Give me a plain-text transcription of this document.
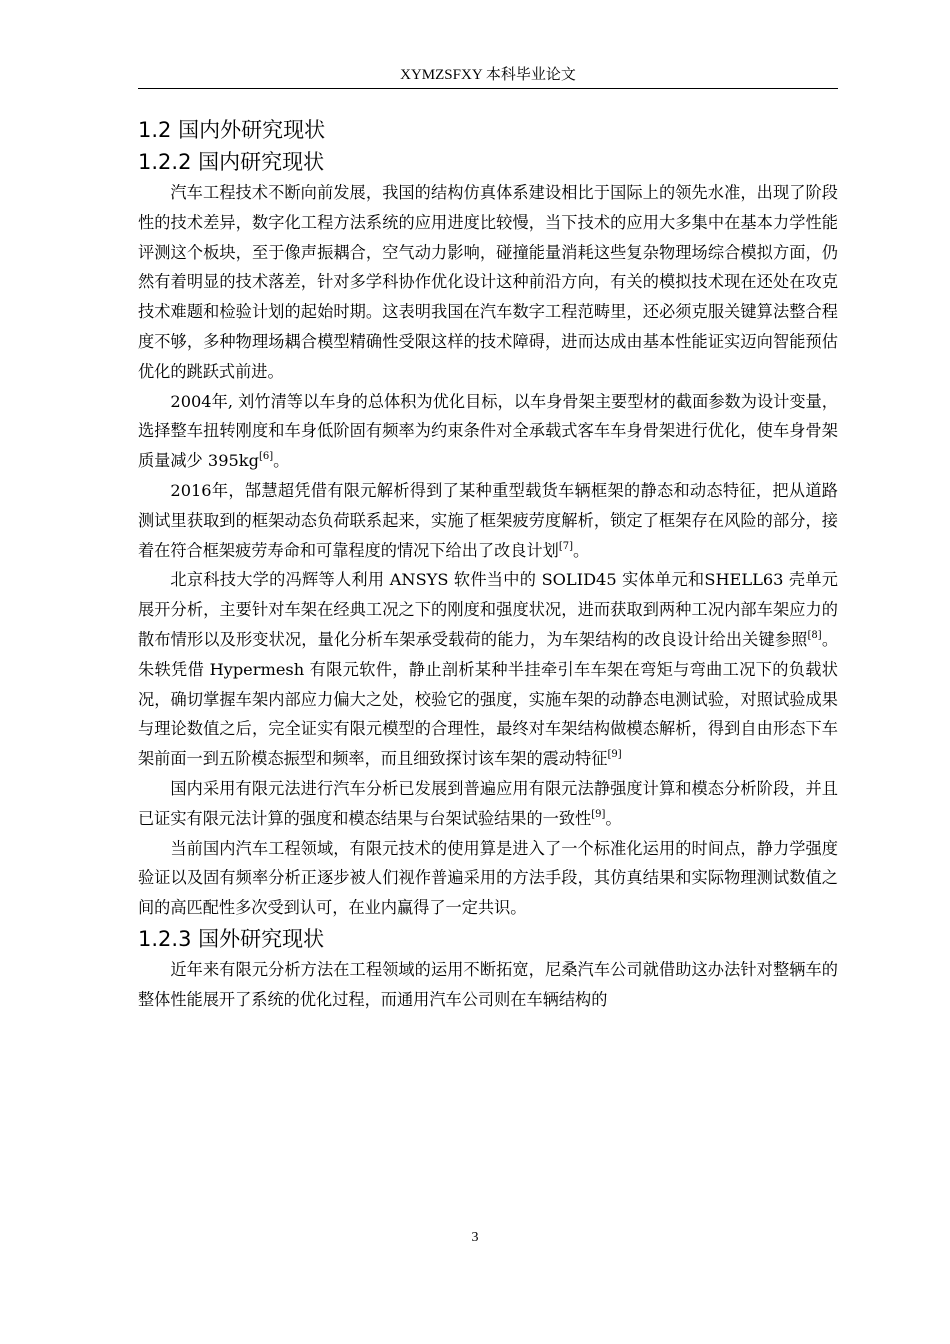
XYMZSFXY 本科毕业论文
1.2 国内外研究现状
1.2.2 国内研究现状

汽车工程技术不断向前发展，我国的结构仿真体系建设相比于国际上的领先水准，出现了阶段性的技术差异，数字化工程方法系统的应用进度比较慢，当下技术的应用大多集中在基本力学性能评测这个板块，至于像声振耦合，空气动力影响，碰撞能量消耗这些复杂物理场综合模拟方面，仍然有着明显的技术落差，针对多学科协作优化设计这种前沿方向，有关的模拟技术现在还处在攻克技术难题和检验计划的起始时期。这表明我国在汽车数字工程范畴里，还必须克服关键算法整合程度不够，多种物理场耦合模型精确性受限这样的技术障碍，进而达成由基本性能证实迈向智能预估优化的跳跃式前进。

2004年, 刘竹清等以车身的总体积为优化目标，以车身骨架主要型材的截面参数为设计变量，选择整车扭转刚度和车身低阶固有频率为约束条件对全承载式客车车身骨架进行优化，使车身骨架质量减少 395kg[6]。

2016年，郜慧超凭借有限元解析得到了某种重型载货车辆框架的静态和动态特征，把从道路测试里获取到的框架动态负荷联系起来，实施了框架疲劳度解析，锁定了框架存在风险的部分，接着在符合框架疲劳寿命和可靠程度的情况下给出了改良计划[7]。

北京科技大学的冯辉等人利用 ANSYS 软件当中的 SOLID45 实体单元和SHELL63 壳单元展开分析，主要针对车架在经典工况之下的刚度和强度状况，进而获取到两种工况内部车架应力的散布情形以及形变状况，量化分析车架承受载荷的能力，为车架结构的改良设计给出关键参照[8]。朱轶凭借 Hypermesh 有限元软件，静止剖析某种半挂牵引车车架在弯矩与弯曲工况下的负载状况，确切掌握车架内部应力偏大之处，校验它的强度，实施车架的动静态电测试验，对照试验成果与理论数值之后，完全证实有限元模型的合理性，最终对车架结构做模态解析，得到自由形态下车架前面一到五阶模态振型和频率，而且细致探讨该车架的震动特征[9]

国内采用有限元法进行汽车分析已发展到普遍应用有限元法静强度计算和模态分析阶段，并且已证实有限元法计算的强度和模态结果与台架试验结果的一致性[9]。

当前国内汽车工程领域，有限元技术的使用算是进入了一个标准化运用的时间点，静力学强度验证以及固有频率分析正逐步被人们视作普遍采用的方法手段，其仿真结果和实际物理测试数值之间的高匹配性多次受到认可，在业内赢得了一定共识。

1.2.3 国外研究现状

近年来有限元分析方法在工程领域的运用不断拓宽，尼桑汽车公司就借助这办法针对整辆车的整体性能展开了系统的优化过程，而通用汽车公司则在车辆结构的

3
